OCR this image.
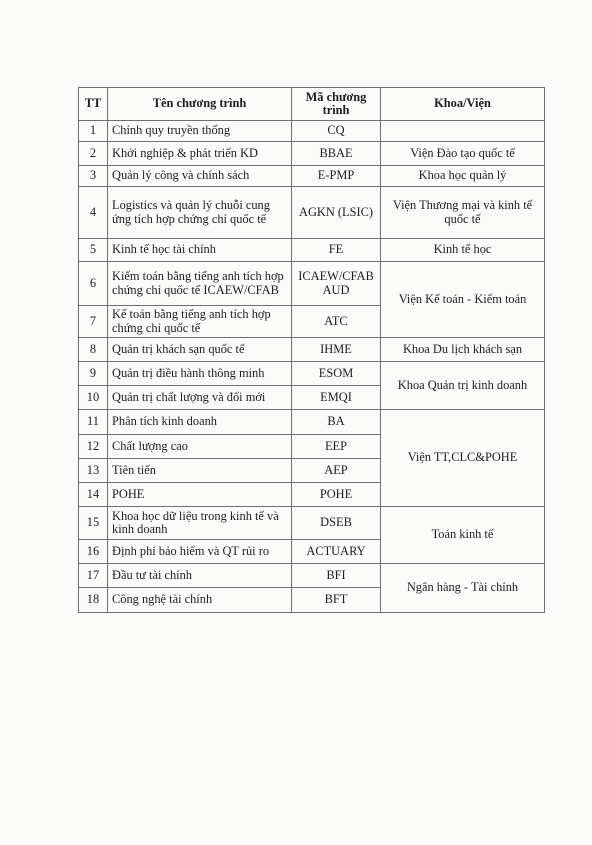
TT	Tên chương trình	Mã chương trình	Khoa/Viện
1	Chính quy truyền thống	CQ	
2	Khởi nghiệp & phát triển KD	BBAE	Viện Đào tạo quốc tế
3	Quản lý công và chính sách	E-PMP	Khoa học quản lý
4	Logistics và quản lý chuỗi cung ứng tích hợp chứng chỉ quốc tế	AGKN (LSIC)	Viện Thương mại và kinh tế quốc tế
5	Kinh tế học tài chính	FE	Kinh tế học
6	Kiểm toán bằng tiếng anh tích hợp chứng chỉ quốc tế ICAEW/CFAB	ICAEW/CFAB AUD	Viện Kế toán - Kiểm toán
7	Kế toán bằng tiếng anh tích hợp chứng chỉ quốc tế	ATC	
8	Quản trị khách sạn quốc tế	IHME	Khoa Du lịch khách sạn
9	Quản trị điều hành thông minh	ESOM	Khoa Quản trị kinh doanh
10	Quản trị chất lượng và đổi mới	EMQI	
11	Phân tích kinh doanh	BA	Viện TT,CLC&POHE
12	Chất lượng cao	EEP	
13	Tiên tiến	AEP	
14	POHE	POHE	
15	Khoa học dữ liệu trong kinh tế và kinh doanh	DSEB	Toán kinh tế
16	Định phí bảo hiểm và QT rủi ro	ACTUARY	
17	Đầu tư tài chính	BFI	Ngân hàng - Tài chính
18	Công nghệ tài chính	BFT	
